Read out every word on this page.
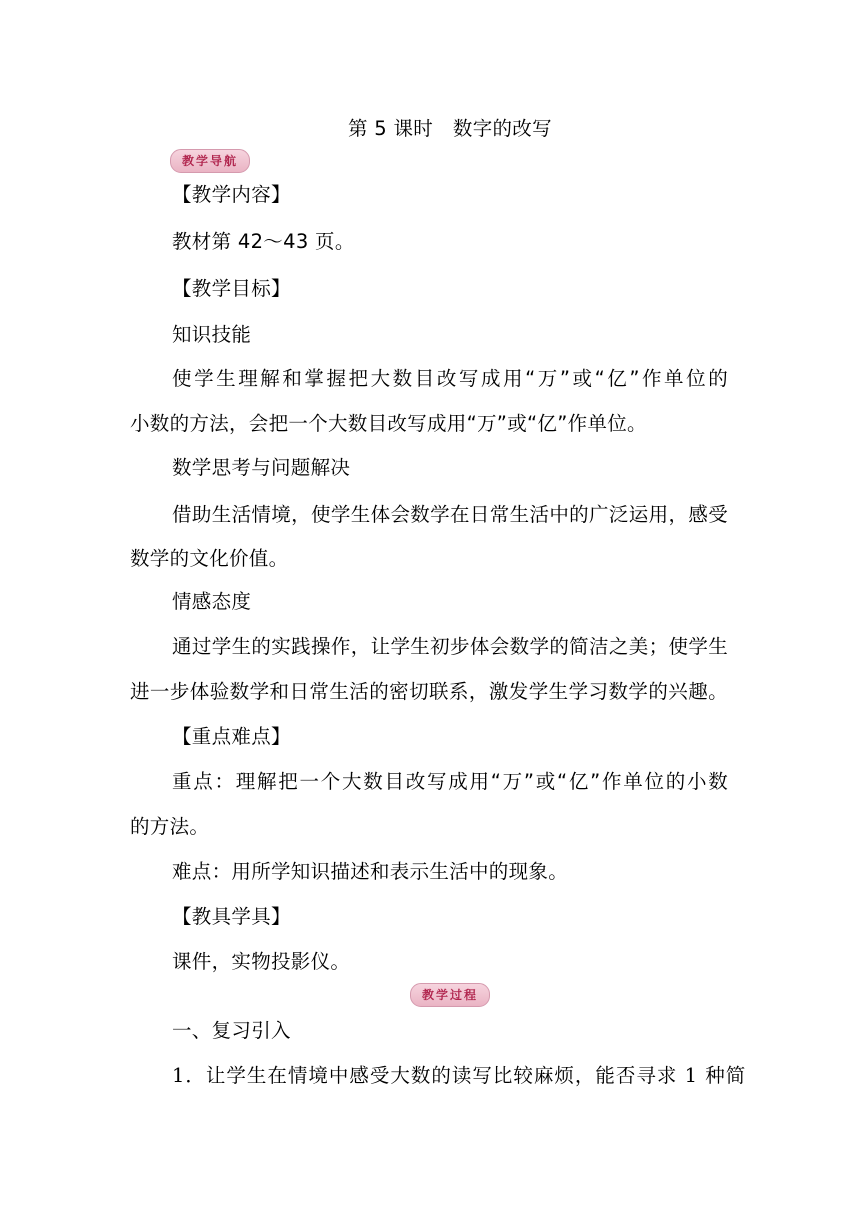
第 5 课时　数字的改写
教学导航
【教学内容】
教材第 42～43 页。
【教学目标】
知识技能
使学生理解和掌握把大数目改写成用“万”或“亿”作单位的
小数的方法，会把一个大数目改写成用“万”或“亿”作单位。
数学思考与问题解决
借助生活情境，使学生体会数学在日常生活中的广泛运用，感受
数学的文化价值。
情感态度
通过学生的实践操作，让学生初步体会数学的简洁之美；使学生
进一步体验数学和日常生活的密切联系，激发学生学习数学的兴趣。
【重点难点】
重点：理解把一个大数目改写成用“万”或“亿”作单位的小数
的方法。
难点：用所学知识描述和表示生活中的现象。
【教具学具】
课件，实物投影仪。
教学过程
一、复习引入
1．让学生在情境中感受大数的读写比较麻烦，能否寻求 1 种简
